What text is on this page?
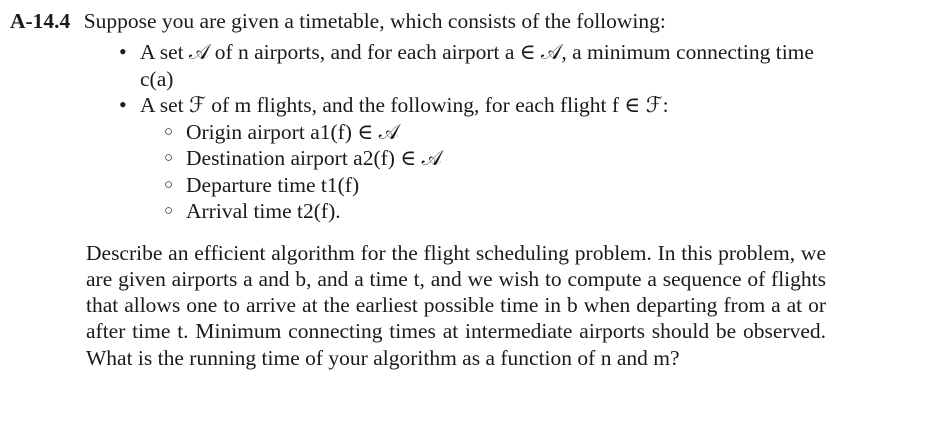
A-14.4 Suppose you are given a timetable, which consists of the following:
• A set 𝒜 of n airports, and for each airport a ∈ 𝒜, a minimum connecting time c(a)
• A set ℱ of m flights, and the following, for each flight f ∈ ℱ:
○ Origin airport a1(f) ∈ 𝒜
○ Destination airport a2(f) ∈ 𝒜
○ Departure time t1(f)
○ Arrival time t2(f).

Describe an efficient algorithm for the flight scheduling problem. In this problem, we are given airports a and b, and a time t, and we wish to compute a sequence of flights that allows one to arrive at the earliest possible time in b when departing from a at or after time t. Minimum connecting times at intermediate airports should be observed. What is the running time of your algorithm as a function of n and m?
